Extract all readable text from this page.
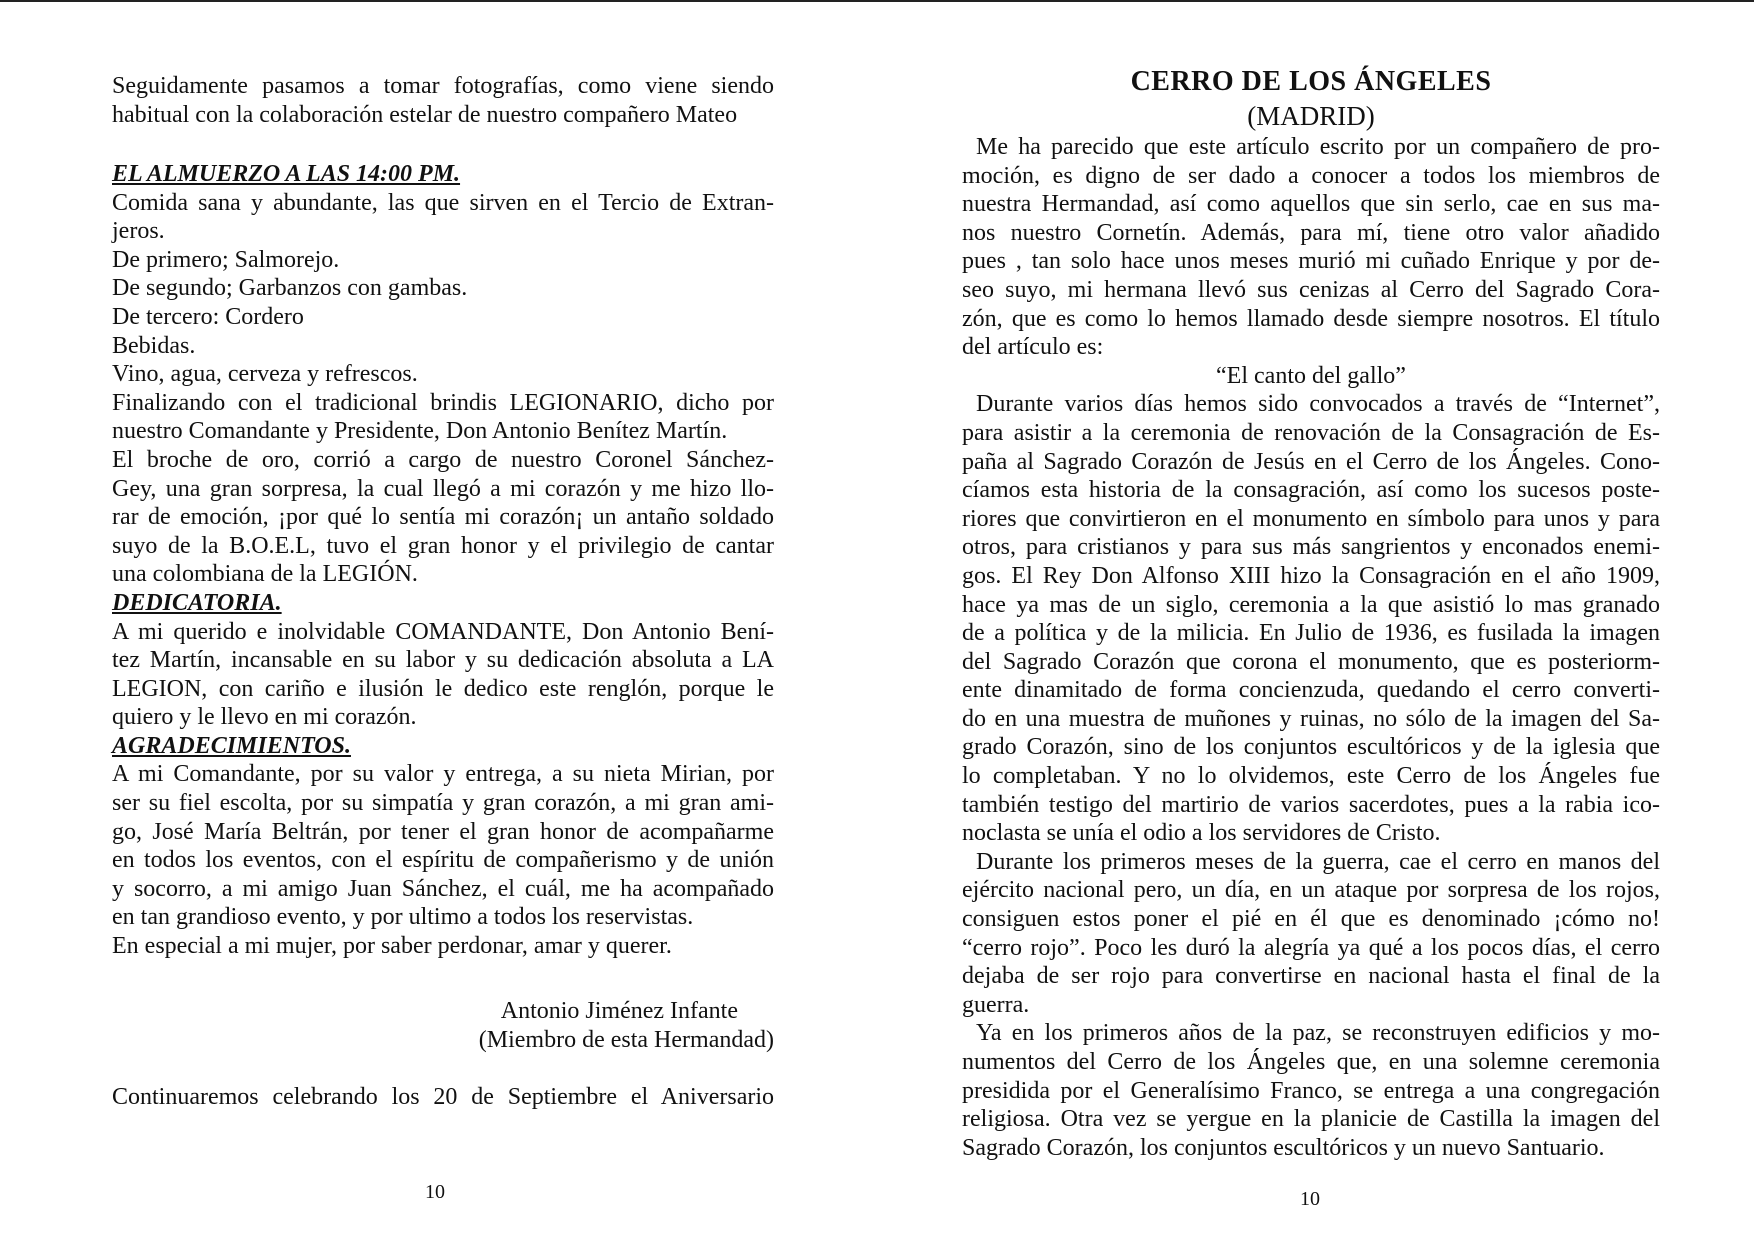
Seguidamente pasamos a tomar fotografías, como viene siendo
habitual con la colaboración estelar de nuestro compañero Mateo
EL ALMUERZO A LAS 14:00 PM.
Comida sana y abundante, las que sirven en el Tercio de Extran-
jeros.
De primero; Salmorejo.
De segundo; Garbanzos con gambas.
De tercero: Cordero
Bebidas.
Vino, agua, cerveza y refrescos.
Finalizando con el tradicional brindis LEGIONARIO, dicho por
nuestro Comandante y Presidente, Don Antonio Benítez Martín.
El broche de oro, corrió a cargo de nuestro Coronel Sánchez-
Gey, una gran sorpresa, la cual llegó a mi corazón y me hizo llo-
rar de emoción, ¡por qué lo sentía mi corazón¡ un antaño soldado
suyo de la B.O.E.L, tuvo el gran honor y el privilegio de cantar
una colombiana de la LEGIÓN.
DEDICATORIA.
A mi querido e inolvidable COMANDANTE, Don Antonio Bení-
tez Martín, incansable en su labor y su dedicación absoluta a LA
LEGION, con cariño e ilusión le dedico este renglón, porque le
quiero y le llevo en mi corazón.
AGRADECIMIENTOS.
A mi Comandante, por su valor y entrega, a su nieta Mirian, por
ser su fiel escolta, por su simpatía y gran corazón, a mi gran ami-
go, José María Beltrán, por tener el gran honor de acompañarme
en todos los eventos, con el espíritu de compañerismo y de unión
y socorro, a mi amigo Juan Sánchez, el cuál, me ha acompañado
en tan grandioso evento, y por ultimo a todos los reservistas.
En especial a mi mujer, por saber perdonar, amar y querer.
Antonio Jiménez Infante
(Miembro de esta Hermandad)
Continuaremos celebrando los 20 de Septiembre el Aniversario
10
CERRO DE LOS ÁNGELES
(MADRID)
Me ha parecido que este artículo escrito por un compañero de pro-
moción, es digno de ser dado a conocer a todos los miembros de
nuestra Hermandad, así como aquellos que sin serlo, cae en sus ma-
nos nuestro Cornetín. Además, para mí, tiene otro valor añadido
pues , tan solo hace unos meses murió mi cuñado Enrique y por de-
seo suyo, mi hermana llevó sus cenizas al Cerro del Sagrado Cora-
zón, que es como lo hemos llamado desde siempre nosotros. El título
del artículo es:
“El canto del gallo”
Durante varios días hemos sido convocados a través de “Internet”,
para asistir a la ceremonia de renovación de la Consagración de Es-
paña al Sagrado Corazón de Jesús en el Cerro de los Ángeles. Cono-
cíamos esta historia de la consagración, así como los sucesos poste-
riores que convirtieron en el monumento en símbolo para unos y para
otros, para cristianos y para sus más sangrientos y enconados enemi-
gos. El Rey Don Alfonso XIII hizo la Consagración en el año 1909,
hace ya mas de un siglo, ceremonia a la que asistió lo mas granado
de a política y de la milicia. En Julio de 1936, es fusilada la imagen
del Sagrado Corazón que corona el monumento, que es posteriorm-
ente dinamitado de forma concienzuda, quedando el cerro converti-
do en una muestra de muñones y ruinas, no sólo de la imagen del Sa-
grado Corazón, sino de los conjuntos escultóricos y de la iglesia que
lo completaban. Y no lo olvidemos, este Cerro de los Ángeles fue
también testigo del martirio de varios sacerdotes, pues a la rabia ico-
noclasta se unía el odio a los servidores de Cristo.
Durante los primeros meses de la guerra, cae el cerro en manos del
ejército nacional pero, un día, en un ataque por sorpresa de los rojos,
consiguen estos poner el pié en él que es denominado ¡cómo no!
“cerro rojo”. Poco les duró la alegría ya qué a los pocos días, el cerro
dejaba de ser rojo para convertirse en nacional hasta el final de la
guerra.
Ya en los primeros años de la paz, se reconstruyen edificios y mo-
numentos del Cerro de los Ángeles que, en una solemne ceremonia
presidida por el Generalísimo Franco, se entrega a una congregación
religiosa. Otra vez se yergue en la planicie de Castilla la imagen del
Sagrado Corazón, los conjuntos escultóricos y un nuevo Santuario.
10
